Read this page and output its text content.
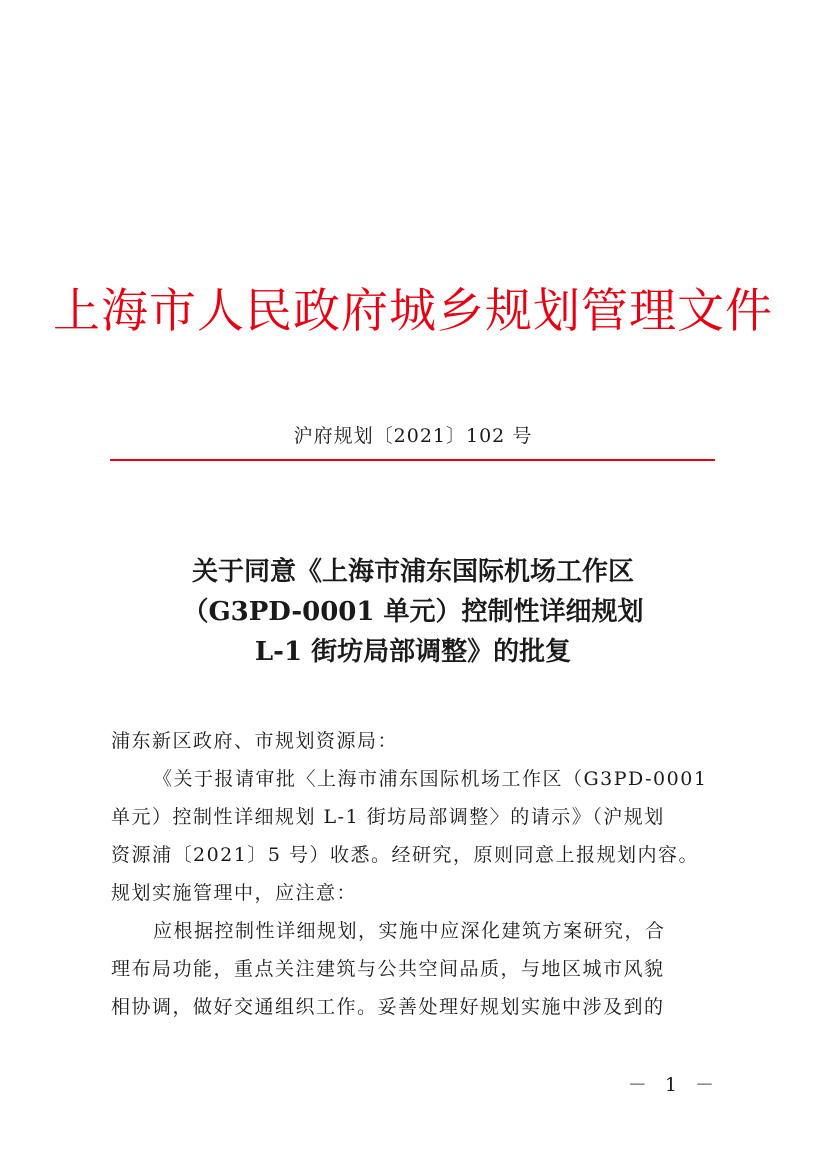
上海市人民政府城乡规划管理文件
沪府规划〔2021〕102 号
关于同意《上海市浦东国际机场工作区
（G3PD-0001 单元）控制性详细规划
L-1 街坊局部调整》的批复
浦东新区政府、市规划资源局：
《关于报请审批〈上海市浦东国际机场工作区（G3PD-0001
单元）控制性详细规划 L-1 街坊局部调整〉的请示》（沪规划
资源浦〔2021〕5 号）收悉。经研究，原则同意上报规划内容。
规划实施管理中，应注意：
应根据控制性详细规划，实施中应深化建筑方案研究，合
理布局功能，重点关注建筑与公共空间品质，与地区城市风貌
相协调，做好交通组织工作。妥善处理好规划实施中涉及到的
－ 1 －
